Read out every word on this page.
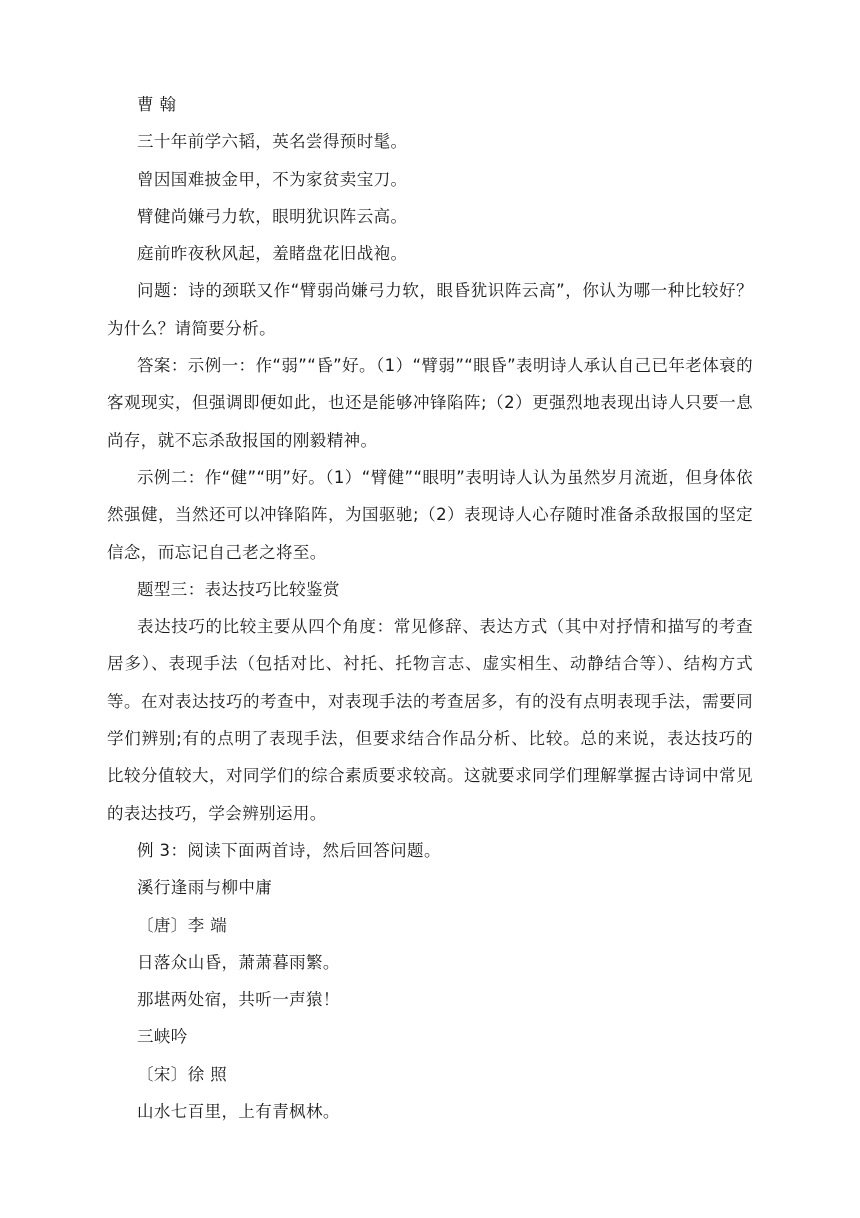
曹 翰

三十年前学六韬，英名尝得预时髦。

曾因国难披金甲，不为家贫卖宝刀。

臂健尚嫌弓力软，眼明犹识阵云高。

庭前昨夜秋风起，羞睹盘花旧战袍。

问题：诗的颈联又作“臂弱尚嫌弓力软，眼昏犹识阵云高”，你认为哪一种比较好？为什么？请简要分析。

答案：示例一：作“弱”“昏”好。（1）“臂弱”“眼昏”表明诗人承认自己已年老体衰的客观现实，但强调即便如此，也还是能够冲锋陷阵;（2）更强烈地表现出诗人只要一息尚存，就不忘杀敌报国的刚毅精神。

示例二：作“健”“明”好。（1）“臂健”“眼明”表明诗人认为虽然岁月流逝，但身体依然强健，当然还可以冲锋陷阵，为国驱驰;（2）表现诗人心存随时准备杀敌报国的坚定信念，而忘记自己老之将至。

题型三：表达技巧比较鉴赏

表达技巧的比较主要从四个角度：常见修辞、表达方式（其中对抒情和描写的考查居多）、表现手法（包括对比、衬托、托物言志、虚实相生、动静结合等）、结构方式等。在对表达技巧的考查中，对表现手法的考查居多，有的没有点明表现手法，需要同学们辨别;有的点明了表现手法，但要求结合作品分析、比较。总的来说，表达技巧的比较分值较大，对同学们的综合素质要求较高。这就要求同学们理解掌握古诗词中常见的表达技巧，学会辨别运用。

例 3：阅读下面两首诗，然后回答问题。

溪行逢雨与柳中庸

〔唐〕李 端

日落众山昏，萧萧暮雨繁。

那堪两处宿，共听一声猿！

三峡吟

〔宋〕徐 照

山水七百里，上有青枫林。
